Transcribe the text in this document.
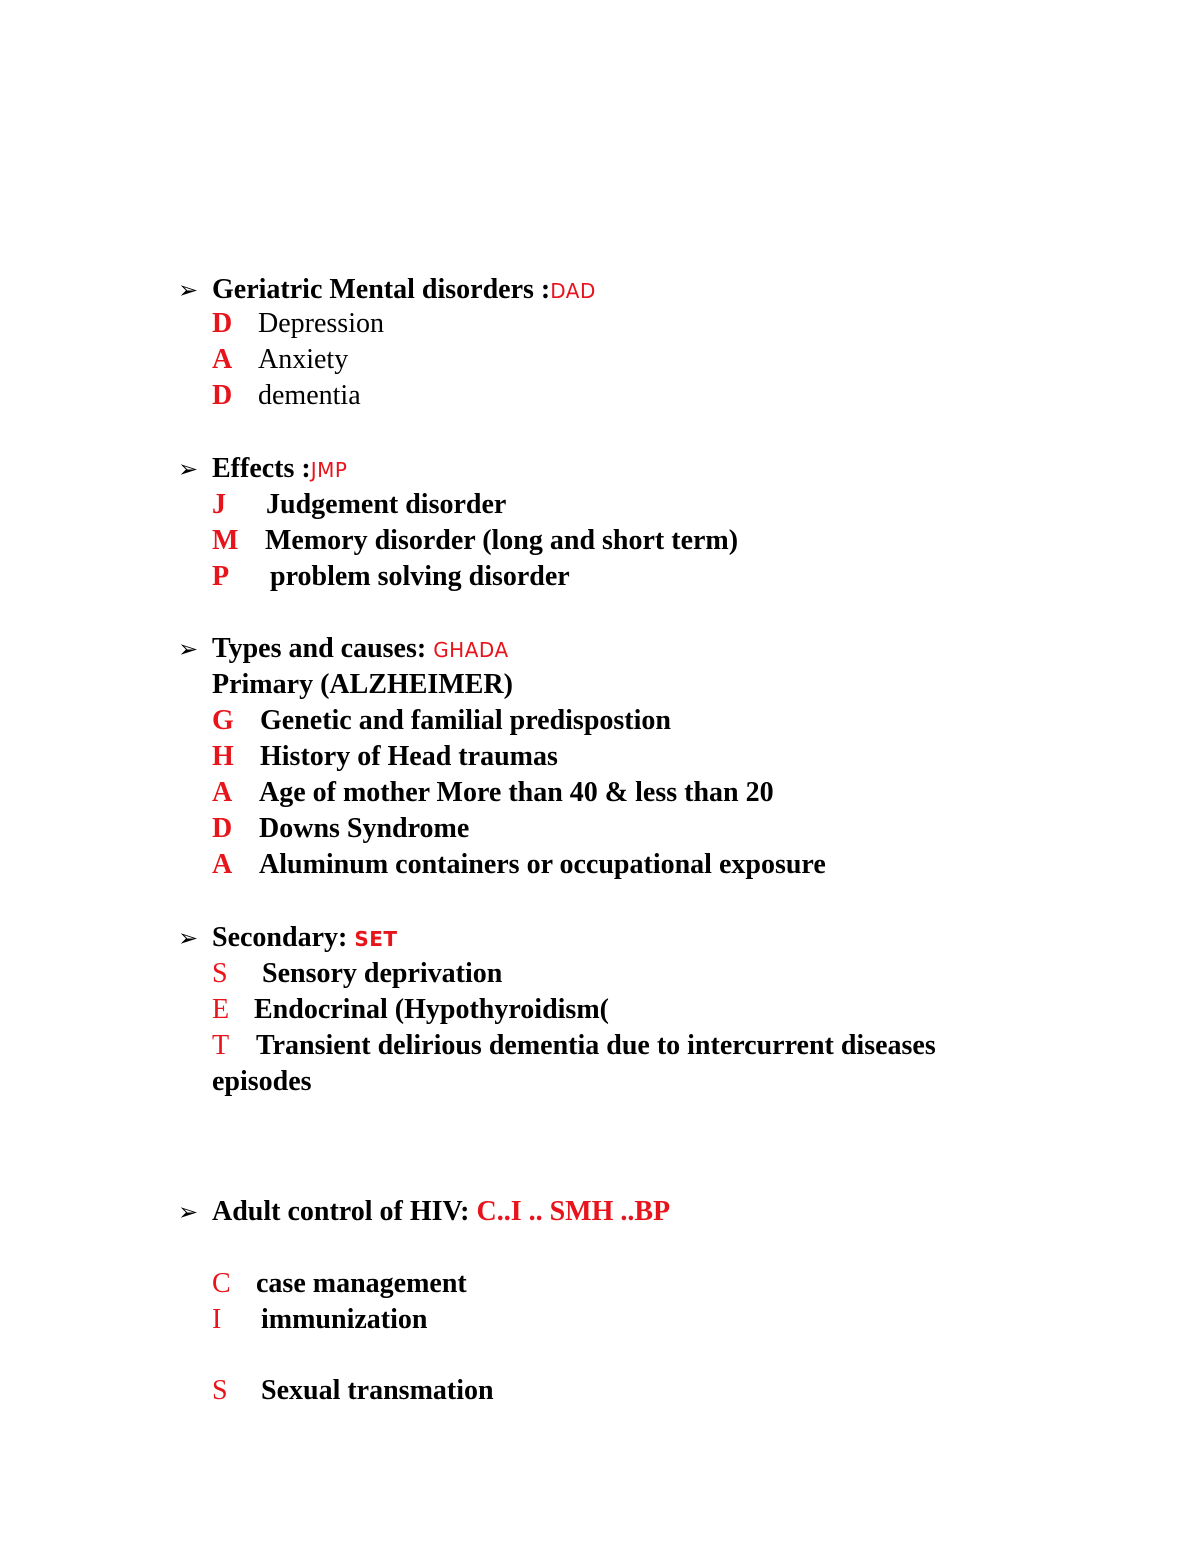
➢ Geriatric Mental disorders :DAD
D Depression
A Anxiety
D dementia
➢ Effects :JMP
J Judgement disorder
M Memory disorder (long and short term)
P problem solving disorder
➢ Types and causes: GHADA
Primary (ALZHEIMER)
G Genetic and familial predispostion
H History of Head traumas
A Age of mother More than 40 & less than 20
D Downs Syndrome
A Aluminum containers or occupational exposure
➢ Secondary: SET
S Sensory deprivation
E Endocrinal (Hypothyroidism(
T Transient delirious dementia due to intercurrent diseases
episodes
➢ Adult control of HIV: C..I .. SMH ..BP
C case management
I immunization
S Sexual transmation
